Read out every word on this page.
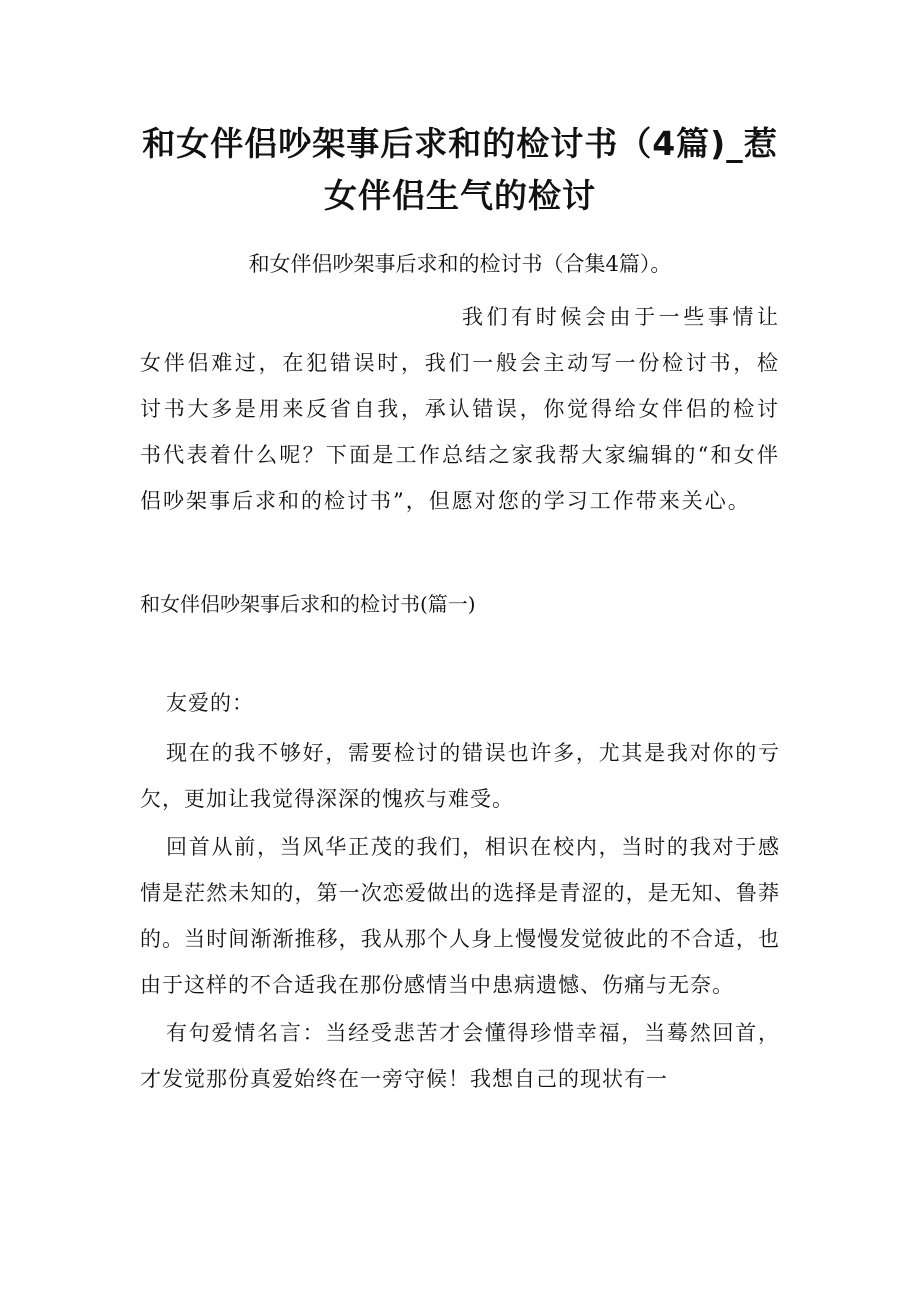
和女伴侣吵架事后求和的检讨书（4篇)_惹女伴侣生气的检讨

和女伴侣吵架事后求和的检讨书（合集4篇）。

我们有时候会由于一些事情让女伴侣难过，在犯错误时，我们一般会主动写一份检讨书，检讨书大多是用来反省自我，承认错误，你觉得给女伴侣的检讨书代表着什么呢？下面是工作总结之家我帮大家编辑的“和女伴侣吵架事后求和的检讨书”，但愿对您的学习工作带来关心。

和女伴侣吵架事后求和的检讨书(篇一)

友爱的：

现在的我不够好，需要检讨的错误也许多，尤其是我对你的亏欠，更加让我觉得深深的愧疚与难受。

回首从前，当风华正茂的我们，相识在校内，当时的我对于感情是茫然未知的，第一次恋爱做出的选择是青涩的，是无知、鲁莽的。当时间渐渐推移，我从那个人身上慢慢发觉彼此的不合适，也由于这样的不合适我在那份感情当中患病遗憾、伤痛与无奈。

有句爱情名言：当经受悲苦才会懂得珍惜幸福，当蓦然回首，才发觉那份真爱始终在一旁守候！我想自己的现状有一
